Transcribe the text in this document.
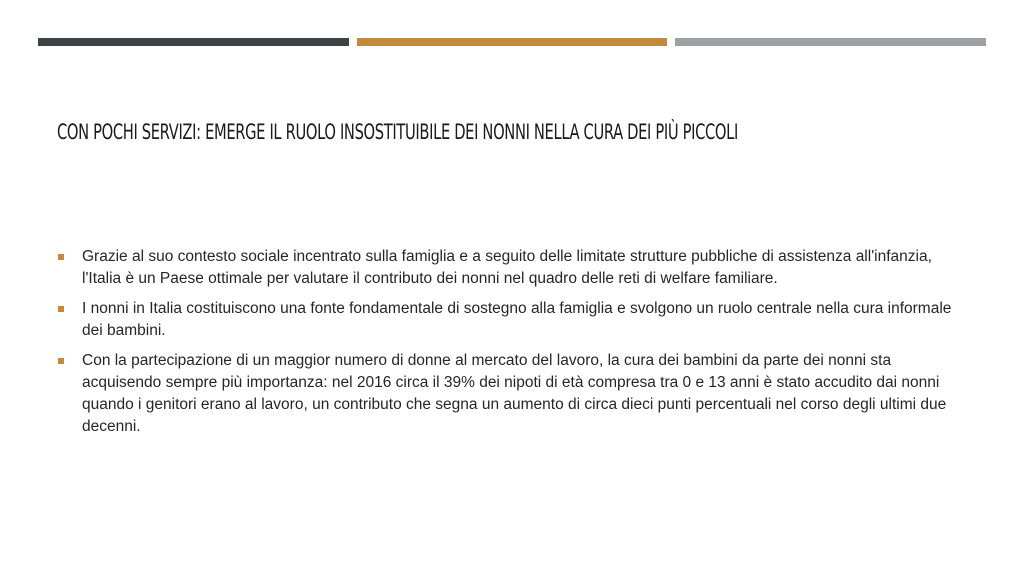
CON POCHI SERVIZI: EMERGE IL RUOLO INSOSTITUIBILE DEI NONNI NELLA CURA DEI PIÙ PICCOLI
Grazie al suo contesto sociale incentrato sulla famiglia e a seguito delle limitate strutture pubbliche di assistenza all'infanzia, l'Italia è un Paese ottimale per valutare il contributo dei nonni nel quadro delle reti di welfare familiare.
I nonni in Italia costituiscono una fonte fondamentale di sostegno alla famiglia e svolgono un ruolo centrale nella cura informale dei bambini.
Con la partecipazione di un maggior numero di donne al mercato del lavoro, la cura dei bambini da parte dei nonni sta acquisendo sempre più importanza: nel 2016 circa il 39% dei nipoti di età compresa tra 0 e 13 anni è stato accudito dai nonni quando i genitori erano al lavoro, un contributo che segna un aumento di circa dieci punti percentuali nel corso degli ultimi due decenni.
